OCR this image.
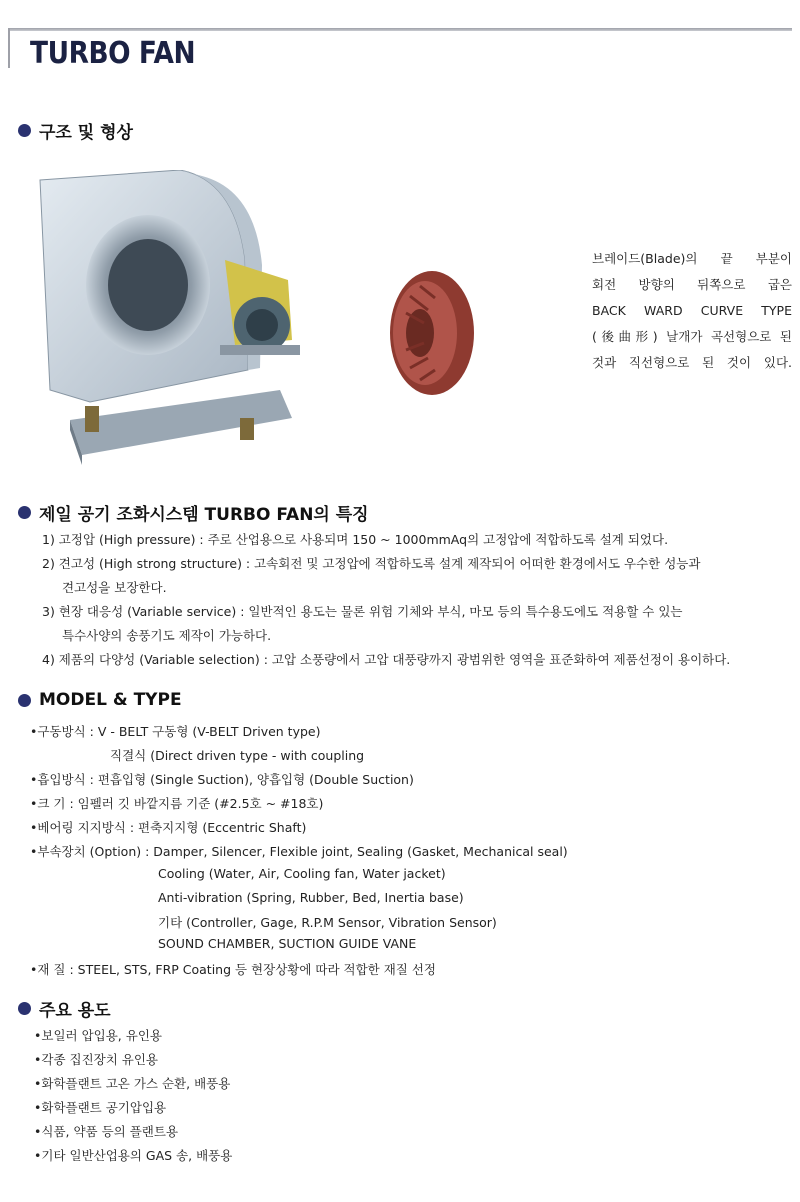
TURBO FAN
구조 및 형상
브레이드(Blade)의 끝 부분이
회전 방향의 뒤쪽으로 굽은
BACK WARD CURVE TYPE
(後曲形) 날개가 곡선형으로 된
것과 직선형으로 된 것이 있다.
제일 공기 조화시스템 TURBO FAN의 특징
1) 고정압 (High pressure) : 주로 산업용으로 사용되며 150 ~ 1000mmAq의 고정압에 적합하도록 설계 되었다.
2) 견고성 (High strong structure) : 고속회전 및 고정압에 적합하도록 설계 제작되어 어떠한 환경에서도 우수한 성능과
견고성을 보장한다.
3) 현장 대응성 (Variable service) : 일반적인 용도는 물론 위험 기체와 부식, 마모 등의 특수용도에도 적용할 수 있는
특수사양의 송풍기도 제작이 가능하다.
4) 제품의 다양성 (Variable selection) : 고압 소풍량에서 고압 대풍량까지 광범위한 영역을 표준화하여 제품선정이 용이하다.
MODEL & TYPE
•구동방식 : V - BELT 구동형 (V-BELT Driven type)
직결식 (Direct driven type - with coupling
•흡입방식 : 편흡입형 (Single Suction), 양흡입형 (Double Suction)
•크 기 : 임펠러 깃 바깥지름 기준 (#2.5호 ~ #18호)
•베어링 지지방식 : 편축지지형 (Eccentric Shaft)
•부속장치 (Option) : Damper, Silencer, Flexible joint, Sealing (Gasket, Mechanical seal)
Cooling (Water, Air, Cooling fan, Water jacket)
Anti-vibration (Spring, Rubber, Bed, Inertia base)
기타 (Controller, Gage, R.P.M Sensor, Vibration Sensor)
SOUND CHAMBER, SUCTION GUIDE VANE
•재 질 : STEEL, STS, FRP Coating 등 현장상황에 따라 적합한 재질 선정
주요 용도
•보일러 압입용, 유인용
•각종 집진장치 유인용
•화학플랜트 고온 가스 순환, 배풍용
•화학플랜트 공기압입용
•식품, 약품 등의 플랜트용
•기타 일반산업용의 GAS 송, 배풍용
